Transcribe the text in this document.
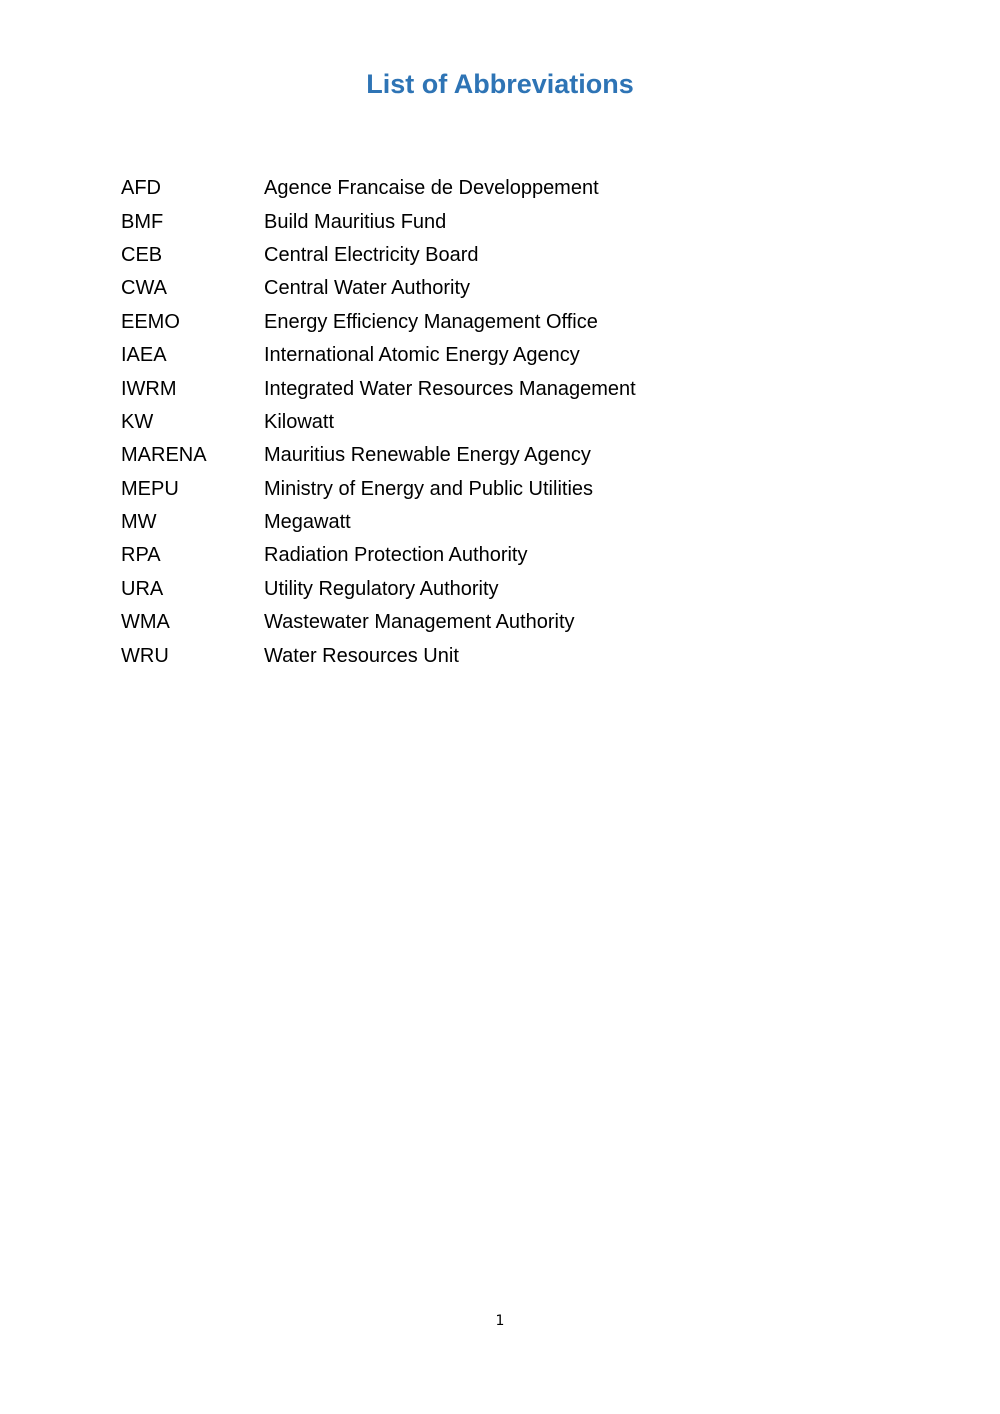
List of Abbreviations
AFD	Agence Francaise de Developpement
BMF	Build Mauritius Fund
CEB	Central Electricity Board
CWA	Central Water Authority
EEMO	Energy Efficiency Management Office
IAEA	International Atomic Energy Agency
IWRM	Integrated Water Resources Management
KW	Kilowatt
MARENA	Mauritius Renewable Energy Agency
MEPU	Ministry of Energy and Public Utilities
MW	Megawatt
RPA	Radiation Protection Authority
URA	Utility Regulatory Authority
WMA	Wastewater Management Authority
WRU	Water Resources Unit
1
